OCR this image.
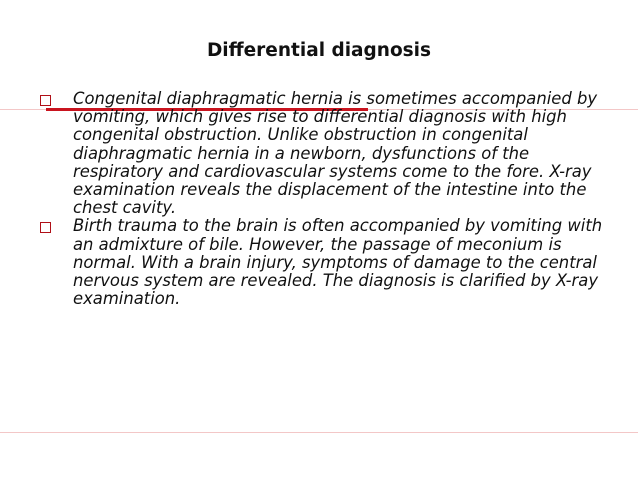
Differential diagnosis
Congenital diaphragmatic hernia is sometimes accompanied by vomiting, which gives rise to differential diagnosis with high congenital obstruction. Unlike obstruction in congenital diaphragmatic hernia in a newborn, dysfunctions of the respiratory and cardiovascular systems come to the fore. X-ray examination reveals the displacement of the intestine into the chest cavity.
Birth trauma to the brain is often accompanied by vomiting with an admixture of bile. However, the passage of meconium is normal. With a brain injury, symptoms of damage to the central nervous system are revealed. The diagnosis is clarified by X-ray examination.
